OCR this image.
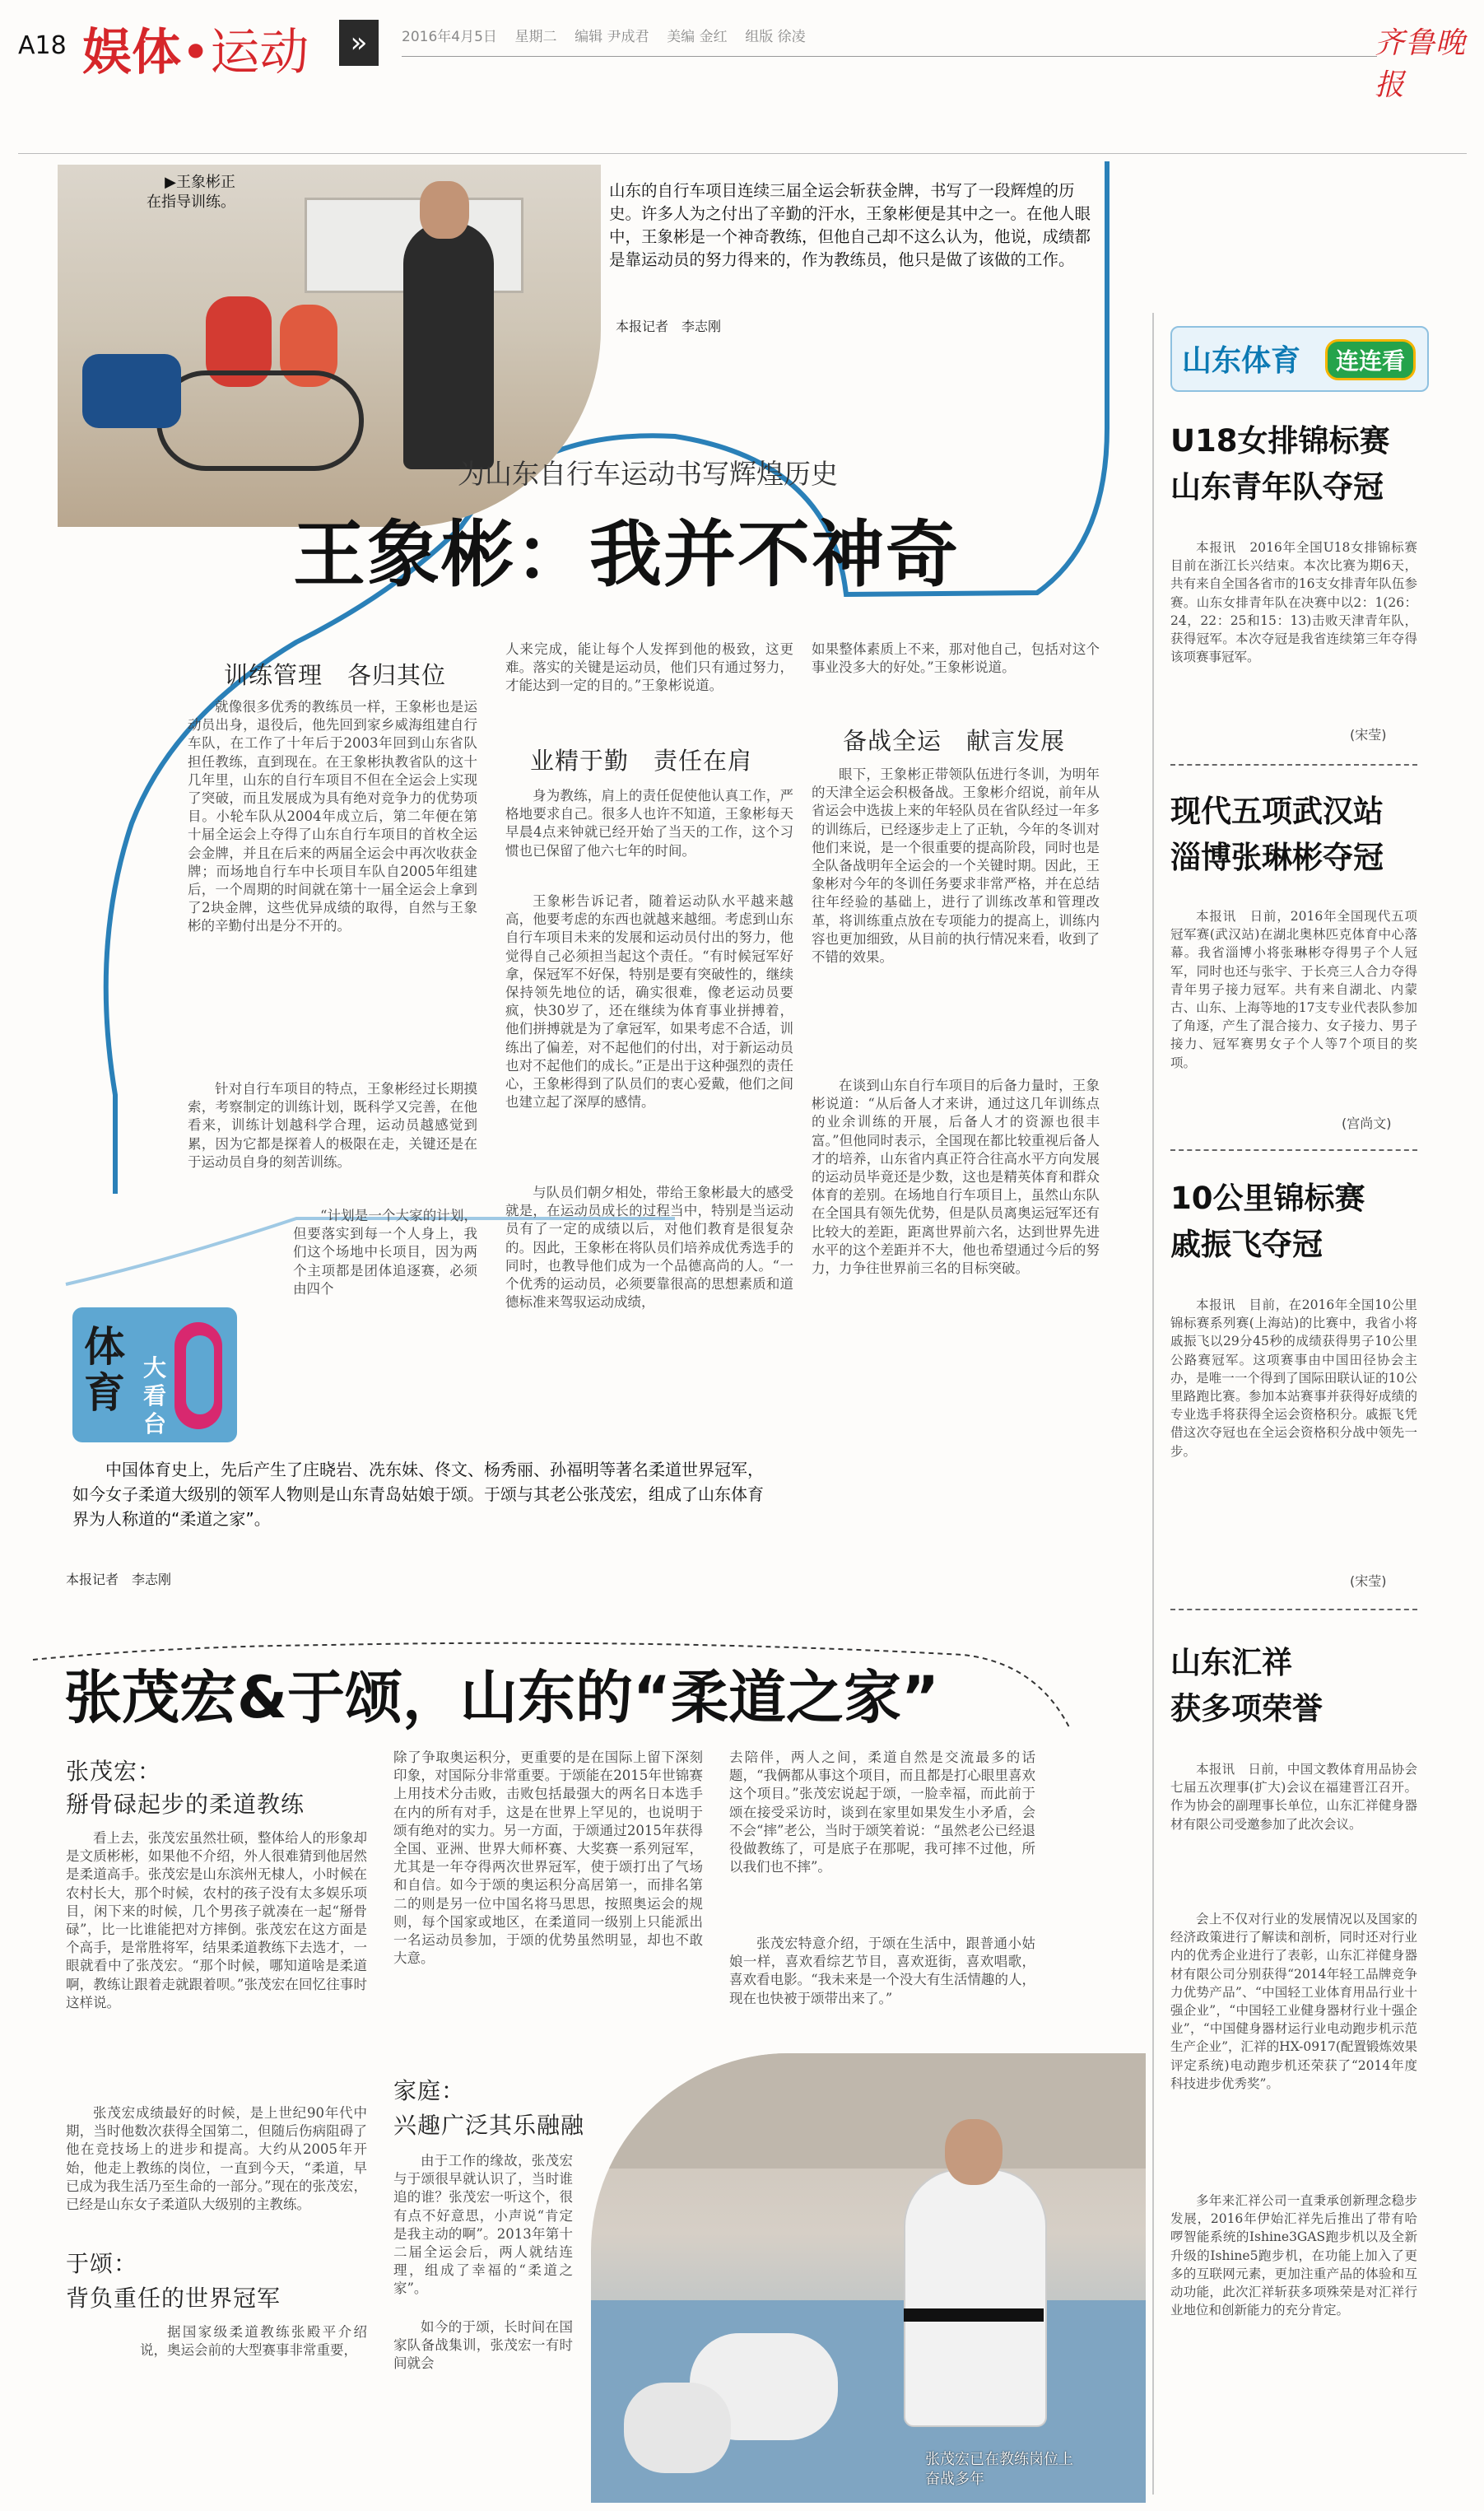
A18 娱体•运动	»	2016年4月5日 星期二 编辑 尹成君 美编 金红 组版 徐凌	齐鲁晚报
▶王象彬正
在指导训练。
山东的自行车项目连续三届全运会斩获金牌，书写了一段辉煌的历史。许多人为之付出了辛勤的汗水，王象彬便是其中之一。在他人眼中，王象彬是一个神奇教练，但他自己却不这么认为，他说，成绩都是靠运动员的努力得来的，作为教练员，他只是做了该做的工作。
本报记者　李志刚
为山东自行车运动书写辉煌历史
王象彬：我并不神奇
训练管理　各归其位
业精于勤　责任在肩
备战全运　献言发展
就像很多优秀的教练员一样，王象彬也是运动员出身，退役后，他先回到家乡威海组建自行车队，在工作了十年后于2003年回到山东省队担任教练，直到现在。在王象彬执教省队的这十几年里，山东的自行车项目不但在全运会上实现了突破，而且发展成为具有绝对竞争力的优势项目。小轮车队从2004年成立后，第二年便在第十届全运会上夺得了山东自行车项目的首枚全运会金牌，并且在后来的两届全运会中再次收获金牌；而场地自行车中长项目车队自2005年组建后，一个周期的时间就在第十一届全运会上拿到了2块金牌，这些优异成绩的取得，自然与王象彬的辛勤付出是分不开的。
针对自行车项目的特点，王象彬经过长期摸索，考察制定的训练计划，既科学又完善，在他看来，训练计划越科学合理，运动员越感觉到累，因为它都是探着人的极限在走，关键还是在于运动员自身的刻苦训练。
“计划是一个大家的计划，但要落实到每一个人身上，我们这个场地中长项目，因为两个主项都是团体追逐赛，必须由四个
人来完成，能让每个人发挥到他的极致，这更难。落实的关键是运动员，他们只有通过努力，才能达到一定的目的。”王象彬说道。
身为教练，肩上的责任促使他认真工作，严格地要求自己。很多人也许不知道，王象彬每天早晨4点来钟就已经开始了当天的工作，这个习惯也已保留了他六七年的时间。
王象彬告诉记者，随着运动队水平越来越高，他要考虑的东西也就越来越细。考虑到山东自行车项目未来的发展和运动员付出的努力，他觉得自己必须担当起这个责任。“有时候冠军好拿，保冠军不好保，特别是要有突破性的，继续保持领先地位的话，确实很难，像老运动员要疯，快30岁了，还在继续为体育事业拼搏着，他们拼搏就是为了拿冠军，如果考虑不合适，训练出了偏差，对不起他们的付出，对于新运动员也对不起他们的成长。”正是出于这种强烈的责任心，王象彬得到了队员们的衷心爱戴，他们之间也建立起了深厚的感情。
与队员们朝夕相处，带给王象彬最大的感受就是，在运动员成长的过程当中，特别是当运动员有了一定的成绩以后，对他们教育是很复杂的。因此，王象彬在将队员们培养成优秀选手的同时，也教导他们成为一个品德高尚的人。“一个优秀的运动员，必须要靠很高的思想素质和道德标准来驾驭运动成绩，
如果整体素质上不来，那对他自己，包括对这个事业没多大的好处。”王象彬说道。
眼下，王象彬正带领队伍进行冬训，为明年的天津全运会积极备战。王象彬介绍说，前年从省运会中选拔上来的年轻队员在省队经过一年多的训练后，已经逐步走上了正轨，今年的冬训对他们来说，是一个很重要的提高阶段，同时也是全队备战明年全运会的一个关键时期。因此，王象彬对今年的冬训任务要求非常严格，并在总结往年经验的基础上，进行了训练改革和管理改革，将训练重点放在专项能力的提高上，训练内容也更加细致，从目前的执行情况来看，收到了不错的效果。
在谈到山东自行车项目的后备力量时，王象彬说道：“从后备人才来讲，通过这几年训练点的业余训练的开展，后备人才的资源也很丰富。”但他同时表示，全国现在都比较重视后备人才的培养，山东省内真正符合往高水平方向发展的运动员毕竟还是少数，这也是精英体育和群众体育的差别。在场地自行车项目上，虽然山东队在全国具有领先优势，但是队员离奥运冠军还有比较大的差距，距离世界前六名，达到世界先进水平的这个差距并不大，他也希望通过今后的努力，力争往世界前三名的目标突破。
体
育
大
看
台
中国体育史上，先后产生了庄晓岩、冼东妹、佟文、杨秀丽、孙福明等著名柔道世界冠军，如今女子柔道大级别的领军人物则是山东青岛姑娘于颂。于颂与其老公张茂宏，组成了山东体育界为人称道的“柔道之家”。
本报记者　李志刚
张茂宏&于颂，山东的“柔道之家”
张茂宏：
掰骨碌起步的柔道教练
看上去，张茂宏虽然壮硕，整体给人的形象却是文质彬彬，如果他不介绍，外人很难猜到他居然是柔道高手。张茂宏是山东滨州无棣人，小时候在农村长大，那个时候，农村的孩子没有太多娱乐项目，闲下来的时候，几个男孩子就凑在一起“掰骨碌”，比一比谁能把对方摔倒。张茂宏在这方面是个高手，是常胜将军，结果柔道教练下去选才，一眼就看中了张茂宏。“那个时候，哪知道啥是柔道啊，教练让跟着走就跟着呗。”张茂宏在回忆往事时这样说。
张茂宏成绩最好的时候，是上世纪90年代中期，当时他数次获得全国第二，但随后伤病阻碍了他在竞技场上的进步和提高。大约从2005年开始，他走上教练的岗位，一直到今天，“柔道，早已成为我生活乃至生命的一部分。”现在的张茂宏，已经是山东女子柔道队大级别的主教练。
于颂：
背负重任的世界冠军
据国家级柔道教练张殿平介绍说，奥运会前的大型赛事非常重要，
除了争取奥运积分，更重要的是在国际上留下深刻印象，对国际分非常重要。于颂能在2015年世锦赛上用技术分击败，击败包括最强大的两名日本选手在内的所有对手，这是在世界上罕见的，也说明于颂有绝对的实力。另一方面，于颂通过2015年获得全国、亚洲、世界大师杯赛、大奖赛一系列冠军，尤其是一年夺得两次世界冠军，使于颂打出了气场和自信。如今于颂的奥运积分高居第一，而排名第二的则是另一位中国名将马思思，按照奥运会的规则，每个国家或地区，在柔道同一级别上只能派出一名运动员参加，于颂的优势虽然明显，却也不敢大意。
家庭：
兴趣广泛其乐融融
由于工作的缘故，张茂宏与于颂很早就认识了，当时谁追的谁？张茂宏一听这个，很有点不好意思，小声说“肯定是我主动的啊”。2013年第十二届全运会后，两人就结连理，组成了幸福的“柔道之家”。
如今的于颂，长时间在国家队备战集训，张茂宏一有时间就会
去陪伴，两人之间，柔道自然是交流最多的话题，“我俩都从事这个项目，而且都是打心眼里喜欢这个项目。”张茂宏说起于颂，一脸幸福，而此前于颂在接受采访时，谈到在家里如果发生小矛盾，会不会“摔”老公，当时于颂笑着说：“虽然老公已经退役做教练了，可是底子在那呢，我可摔不过他，所以我们也不摔”。
张茂宏特意介绍，于颂在生活中，跟普通小姑娘一样，喜欢看综艺节目，喜欢逛街，喜欢唱歌，喜欢看电影。“我未来是一个没大有生活情趣的人，现在也快被于颂带出来了。”
张茂宏已在教练岗位上
奋战多年
山东体育	连连看
U18女排锦标赛
山东青年队夺冠
本报讯　2016年全国U18女排锦标赛目前在浙江长兴结束。本次比赛为期6天，共有来自全国各省市的16支女排青年队伍参赛。山东女排青年队在决赛中以2：1(26：24，22：25和15：13)击败天津青年队，获得冠军。本次夺冠是我省连续第三年夺得该项赛事冠军。
(宋莹)
现代五项武汉站
淄博张琳彬夺冠
本报讯　日前，2016年全国现代五项冠军赛(武汉站)在湖北奥林匹克体育中心落幕。我省淄博小将张琳彬夺得男子个人冠军，同时也还与张宇、于长亮三人合力夺得青年男子接力冠军。共有来自湖北、内蒙古、山东、上海等地的17支专业代表队参加了角逐，产生了混合接力、女子接力、男子接力、冠军赛男女子个人等7个项目的奖项。
(宫尚文)
10公里锦标赛
戚振飞夺冠
本报讯　目前，在2016年全国10公里锦标赛系列赛(上海站)的比赛中，我省小将戚振飞以29分45秒的成绩获得男子10公里公路赛冠军。这项赛事由中国田径协会主办，是唯一一个得到了国际田联认证的10公里路跑比赛。参加本站赛事并获得好成绩的专业选手将获得全运会资格积分。戚振飞凭借这次夺冠也在全运会资格积分战中领先一步。
(宋莹)
山东汇祥
获多项荣誉
本报讯　日前，中国文教体育用品协会七届五次理事(扩大)会议在福建晋江召开。作为协会的副理事长单位，山东汇祥健身器材有限公司受邀参加了此次会议。
会上不仅对行业的发展情况以及国家的经济政策进行了解读和剖析，同时还对行业内的优秀企业进行了表彰，山东汇祥健身器材有限公司分别获得“2014年轻工品牌竞争力优势产品”、“中国轻工业体育用品行业十强企业”，“中国轻工业健身器材行业十强企业”，“中国健身器材运行业电动跑步机示范生产企业”，汇祥的HX-0917(配置锻炼效果评定系统)电动跑步机还荣获了“2014年度科技进步优秀奖”。
多年来汇祥公司一直秉承创新理念稳步发展，2016年伊始汇祥先后推出了带有哈啰智能系统的Ishine3GAS跑步机以及全新升级的Ishine5跑步机，在功能上加入了更多的互联网元素，更加注重产品的体验和互动功能，此次汇祥斩获多项殊荣是对汇祥行业地位和创新能力的充分肯定。
